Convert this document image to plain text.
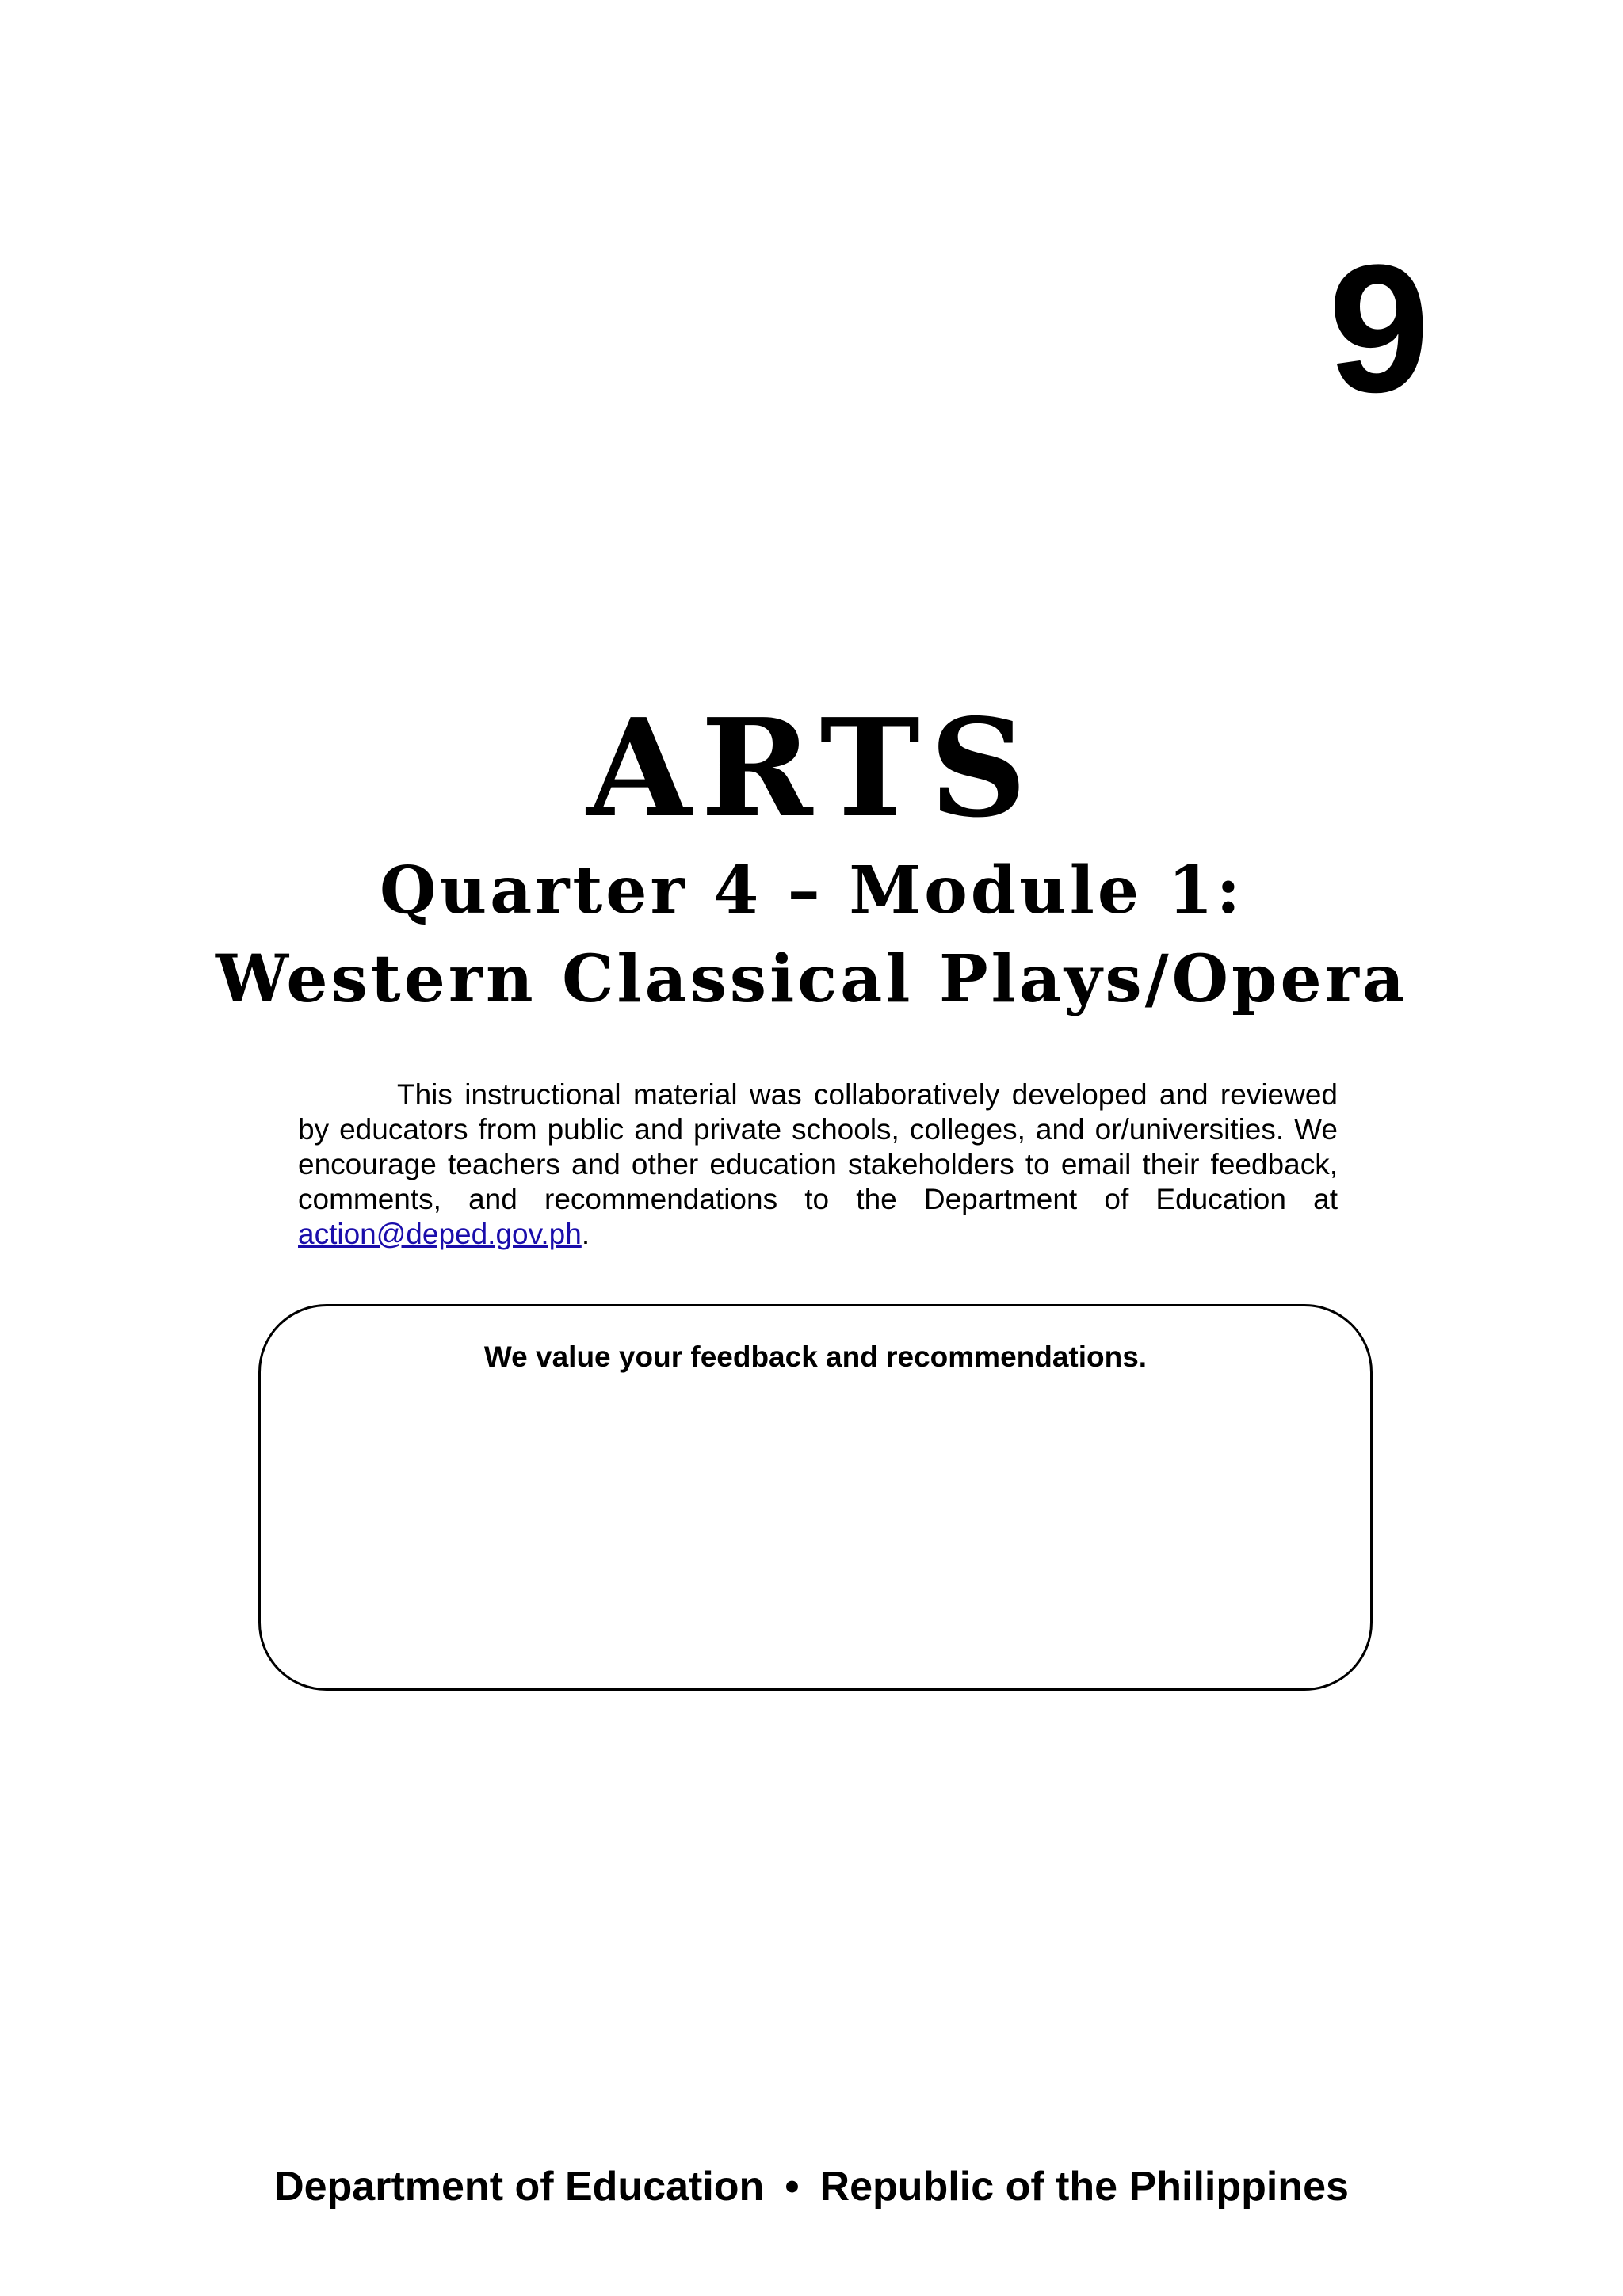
9
ARTS
Quarter 4 – Module 1:
Western Classical Plays/Opera

This instructional material was collaboratively developed and reviewed by educators from public and private schools, colleges, and or/universities. We encourage teachers and other education stakeholders to email their feedback, comments, and recommendations to the Department of Education at action@deped.gov.ph.

We value your feedback and recommendations.
Department of Education • Republic of the Philippines
